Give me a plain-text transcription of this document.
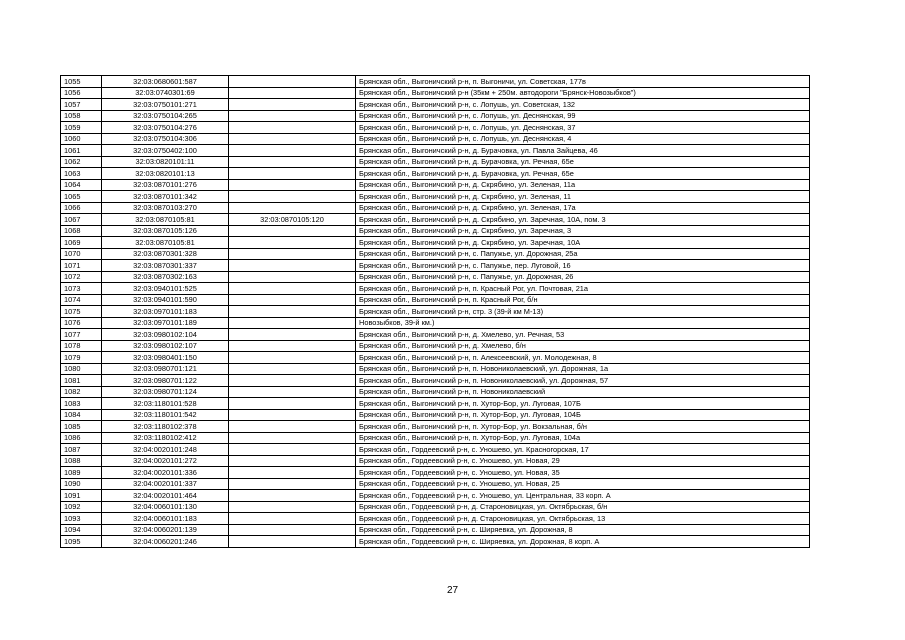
1055	32:03:0680601:587		Брянская обл., Выгоничский р-н, п. Выгоничи, ул. Советская, 177в
1056	32:03:0740301:69		Брянская обл., Выгоничский р-н (35км + 250м. автодороги "Брянск-Новозыбков")
1057	32:03:0750101:271		Брянская обл., Выгоничский р-н, с. Лопушь, ул. Советская, 132
1058	32:03:0750104:265		Брянская обл., Выгоничский р-н, с. Лопушь, ул. Деснянская, 99
1059	32:03:0750104:276		Брянская обл., Выгоничский р-н, с. Лопушь, ул. Деснянская, 37
1060	32:03:0750104:306		Брянская обл., Выгоничский р-н, с. Лопушь, ул. Деснянская, 4
1061	32:03:0750402:100		Брянская обл., Выгоничский р-н, д. Бурачовка, ул. Павла Зайцева, 46
1062	32:03:0820101:11		Брянская обл., Выгоничский р-н, д. Бурачовка, ул. Речная, 65е
1063	32:03:0820101:13		Брянская обл., Выгоничский р-н, д. Бурачовка, ул. Речная, 65е
1064	32:03:0870101:276		Брянская обл., Выгоничский р-н, д. Скрябино, ул. Зеленая, 11а
1065	32:03:0870101:342		Брянская обл., Выгоничский р-н, д. Скрябино, ул. Зеленая, 11
1066	32:03:0870103:270		Брянская обл., Выгоничский р-н, д. Скрябино, ул. Зеленая, 17а
1067	32:03:0870105:81	32:03:0870105:120	Брянская обл., Выгоничский р-н, д. Скрябино, ул. Заречная, 10А, пом. 3
1068	32:03:0870105:126		Брянская обл., Выгоничский р-н, д. Скрябино, ул. Заречная, 3
1069	32:03:0870105:81		Брянская обл., Выгоничский р-н, д. Скрябино, ул. Заречная, 10А
1070	32:03:0870301:328		Брянская обл., Выгоничский р-н, с. Папужье, ул. Дорожная, 25а
1071	32:03:0870301:337		Брянская обл., Выгоничский р-н, с. Папужье, пер. Луговой, 16
1072	32:03:0870302:163		Брянская обл., Выгоничский р-н, с. Папужье, ул. Дорожная, 26
1073	32:03:0940101:525		Брянская обл., Выгоничский р-н, п. Красный Рог, ул. Почтовая, 21а
1074	32:03:0940101:590		Брянская обл., Выгоничский р-н, п. Красный Рог, б/н
1075	32:03:0970101:183		Брянская обл., Выгоничский р-н, стр. 3 (39-й км М-13)
1076	32:03:0970101:189		Новозыбков, 39-й км.)
1077	32:03:0980102:104		Брянская обл., Выгоничский р-н, д. Хмелево, ул. Речная, 53
1078	32:03:0980102:107		Брянская обл., Выгоничский р-н, д. Хмелево, б/н
1079	32:03:0980401:150		Брянская обл., Выгоничский р-н, п. Алексеевский, ул. Молодежная, 8
1080	32:03:0980701:121		Брянская обл., Выгоничский р-н, п. Новониколаевский, ул. Дорожная, 1а
1081	32:03:0980701:122		Брянская обл., Выгоничский р-н, п. Новониколаевский, ул. Дорожная, 57
1082	32:03:0980701:124		Брянская обл., Выгоничский р-н, п. Новониколаевский
1083	32:03:1180101:528		Брянская обл., Выгоничский р-н, п. Хутор-Бор, ул. Луговая, 107Б
1084	32:03:1180101:542		Брянская обл., Выгоничский р-н, п. Хутор-Бор, ул. Луговая, 104Б
1085	32:03:1180102:378		Брянская обл., Выгоничский р-н, п. Хутор-Бор, ул. Вокзальная, б/н
1086	32:03:1180102:412		Брянская обл., Выгоничский р-н, п. Хутор-Бор, ул. Луговая, 104а
1087	32:04:0020101:248		Брянская обл., Гордеевский р-н, с. Уношево, ул. Красногорская, 17
1088	32:04:0020101:272		Брянская обл., Гордеевский р-н, с. Уношево, ул. Новая, 29
1089	32:04:0020101:336		Брянская обл., Гордеевский р-н, с. Уношево, ул. Новая, 35
1090	32:04:0020101:337		Брянская обл., Гордеевский р-н, с. Уношево, ул. Новая, 25
1091	32:04:0020101:464		Брянская обл., Гордеевский р-н, с. Уношево, ул. Центральная, 33 корп. А
1092	32:04:0060101:130		Брянская обл., Гордеевский р-н, д. Староновицкая, ул. Октябрьская, б/н
1093	32:04:0060101:183		Брянская обл., Гордеевский р-н, д. Староновицкая, ул. Октябрьская, 13
1094	32:04:0060201:139		Брянская обл., Гордеевский р-н, с. Ширяевка, ул. Дорожная, 8
1095	32:04:0060201:246		Брянская обл., Гордеевский р-н, с. Ширяевка, ул. Дорожная, 8 корп. А
27
